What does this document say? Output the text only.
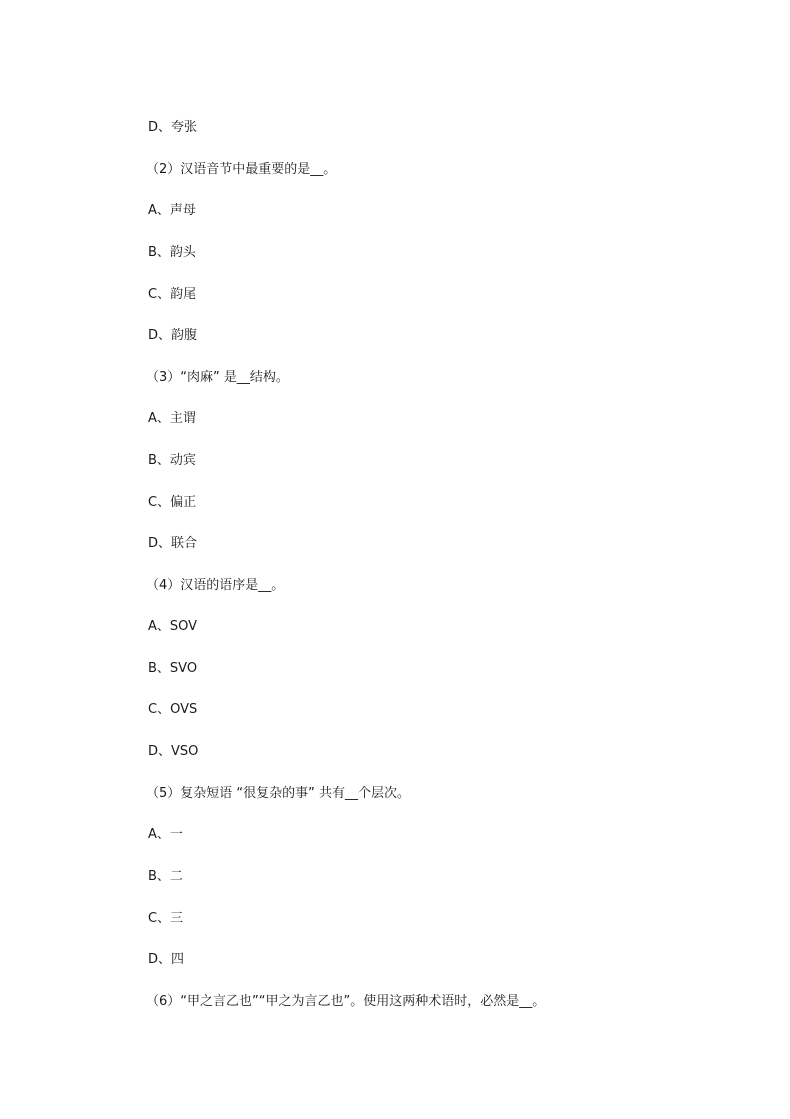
D、夸张
（2）汉语音节中最重要的是__。
A、声母
B、韵头
C、韵尾
D、韵腹
（3）“肉麻” 是__结构。
A、主谓
B、动宾
C、偏正
D、联合
（4）汉语的语序是__。
A、SOV
B、SVO
C、OVS
D、VSO
（5）复杂短语 “很复杂的事” 共有__个层次。
A、一
B、二
C、三
D、四
（6）“甲之言乙也”“甲之为言乙也”。使用这两种术语时，必然是__。
